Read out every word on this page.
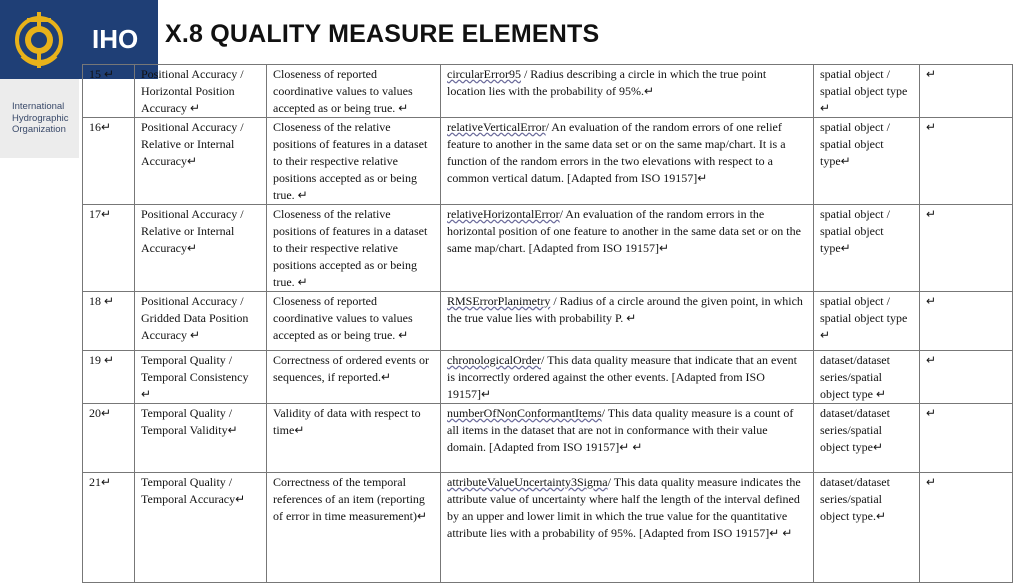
IHO
International Hydrographic Organization
X.8 QUALITY MEASURE ELEMENTS
15 ↵	Positional Accuracy / Horizontal Position Accuracy ↵	Closeness of reported coordinative values to values accepted as or being true. ↵	circularError95 / Radius describing a circle in which the true point location lies with the probability of 95%.↵	spatial object / spatial object type ↵	↵
16↵	Positional Accuracy / Relative or Internal Accuracy↵	Closeness of the relative positions of features in a dataset to their respective relative positions accepted as or being true. ↵	relativeVerticalError/ An evaluation of the random errors of one relief feature to another in the same data set or on the same map/chart. It is a function of the random errors in the two elevations with respect to a common vertical datum. [Adapted from ISO 19157]↵	spatial object / spatial object type↵	↵
17↵	Positional Accuracy / Relative or Internal Accuracy↵	Closeness of the relative positions of features in a dataset to their respective relative positions accepted as or being true. ↵	relativeHorizontalError/ An evaluation of the random errors in the horizontal position of one feature to another in the same data set or on the same map/chart. [Adapted from ISO 19157]↵	spatial object / spatial object type↵	↵
18 ↵	Positional Accuracy / Gridded Data Position Accuracy ↵	Closeness of reported coordinative values to values accepted as or being true. ↵	RMSErrorPlanimetry / Radius of a circle around the given point, in which the true value lies with probability P. ↵	spatial object / spatial object type ↵	↵
19 ↵	Temporal Quality / Temporal Consistency ↵	Correctness of ordered events or sequences, if reported.↵	chronologicalOrder/ This data quality measure that indicate that an event is incorrectly ordered against the other events. [Adapted from ISO 19157]↵	dataset/dataset series/spatial object type ↵	↵
20↵	Temporal Quality / Temporal Validity↵	Validity of data with respect to time↵	numberOfNonConformantItems/ This data quality measure is a count of all items in the dataset that are not in conformance with their value domain. [Adapted from ISO 19157]↵ ↵	dataset/dataset series/spatial object type↵	↵
21↵	Temporal Quality / Temporal Accuracy↵	Correctness of the temporal references of an item (reporting of error in time measurement)↵	attributeValueUncertainty3Sigma/ This data quality measure indicates the attribute value of uncertainty where half the length of the interval defined by an upper and lower limit in which the true value for the quantitative attribute lies with a probability of 95%. [Adapted from ISO 19157]↵ ↵	dataset/dataset series/spatial object type.↵	↵
